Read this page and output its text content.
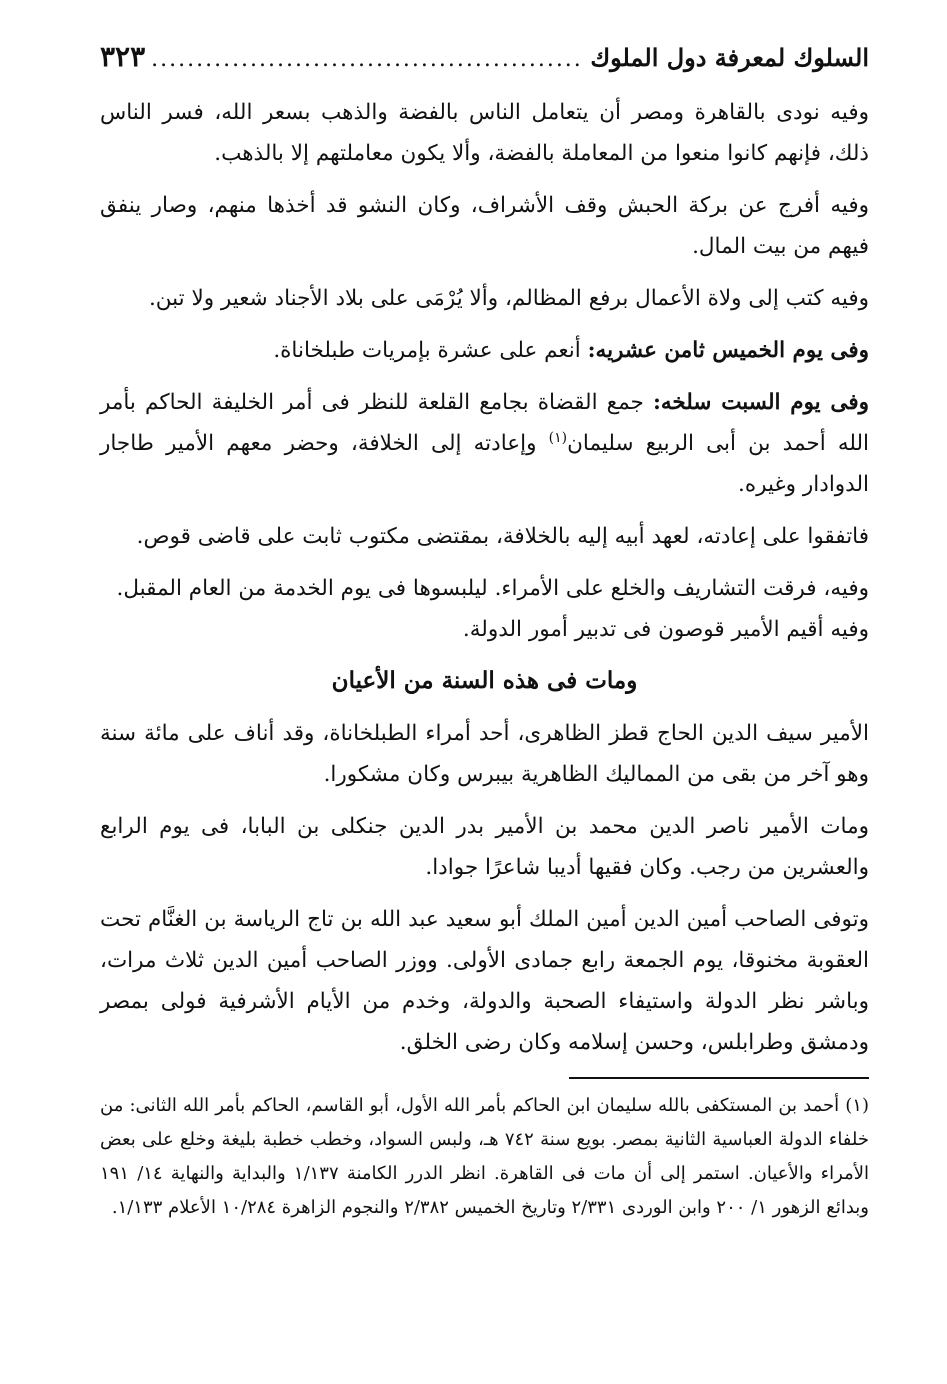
السلوك لمعرفة دول الملوك
.....
٣٢٣

وفيه نودى بالقاهرة ومصر أن يتعامل الناس بالفضة والذهب بسعر الله، فسر الناس ذلك، فإنهم كانوا منعوا من المعاملة بالفضة، وألا يكون معاملتهم إلا بالذهب.

وفيه أفرج عن بركة الحبش وقف الأشراف، وكان النشو قد أخذها منهم، وصار ينفق فيهم من بيت المال.

وفيه كتب إلى ولاة الأعمال برفع المظالم، وألا يُرْمَى على بلاد الأجناد شعير ولا تبن.

وفى يوم الخميس ثامن عشريه: أنعم على عشرة بإمريات طبلخاناة.

وفى يوم السبت سلخه: جمع القضاة بجامع القلعة للنظر فى أمر الخليفة الحاكم بأمر الله أحمد بن أبى الربيع سليمان$^{(١)}$ وإعادته إلى الخلافة، وحضر معهم الأمير طاجار الدوادار وغيره.

فاتفقوا على إعادته، لعهد أبيه إليه بالخلافة، بمقتضى مكتوب ثابت على قاضى قوص.

وفيه، فرقت التشاريف والخلع على الأمراء. ليلبسوها فى يوم الخدمة من العام المقبل.

وفيه أقيم الأمير قوصون فى تدبير أمور الدولة.

ومات فى هذه السنة من الأعيان

الأمير سيف الدين الحاج قطز الظاهرى، أحد أمراء الطبلخاناة، وقد أناف على مائة سنة وهو آخر من بقى من المماليك الظاهرية بيبرس وكان مشكورا.

ومات الأمير ناصر الدين محمد بن الأمير بدر الدين جنكلى بن البابا، فى يوم الرابع والعشرين من رجب. وكان فقيها أديبا شاعرًا جوادا.

وتوفى الصاحب أمين الدين أمين الملك أبو سعيد عبد الله بن تاج الرياسة بن الغنَّام تحت العقوبة مخنوقا، يوم الجمعة رابع جمادى الأولى. ووزر الصاحب أمين الدين ثلاث مرات، وباشر نظر الدولة واستيفاء الصحبة والدولة، وخدم من الأيام الأشرفية فولى بمصر ودمشق وطرابلس، وحسن إسلامه وكان رضى الخلق.

(١) أحمد بن المستكفى بالله سليمان ابن الحاكم بأمر الله الأول، أبو القاسم، الحاكم بأمر الله الثانى: من خلفاء الدولة العباسية الثانية بمصر. بويع سنة ٧٤٢ هـ، ولبس السواد، وخطب خطبة بليغة وخلع على بعض الأمراء والأعيان. استمر إلى أن مات فى القاهرة. انظر الدرر الكامنة ١/١٣٧ والبداية والنهاية ١٤/ ١٩١ وبدائع الزهور ١/ ٢٠٠ وابن الوردى ٢/٣٣١ وتاريخ الخميس ٢/٣٨٢ والنجوم الزاهرة ١٠/٢٨٤ الأعلام ١/١٣٣.
